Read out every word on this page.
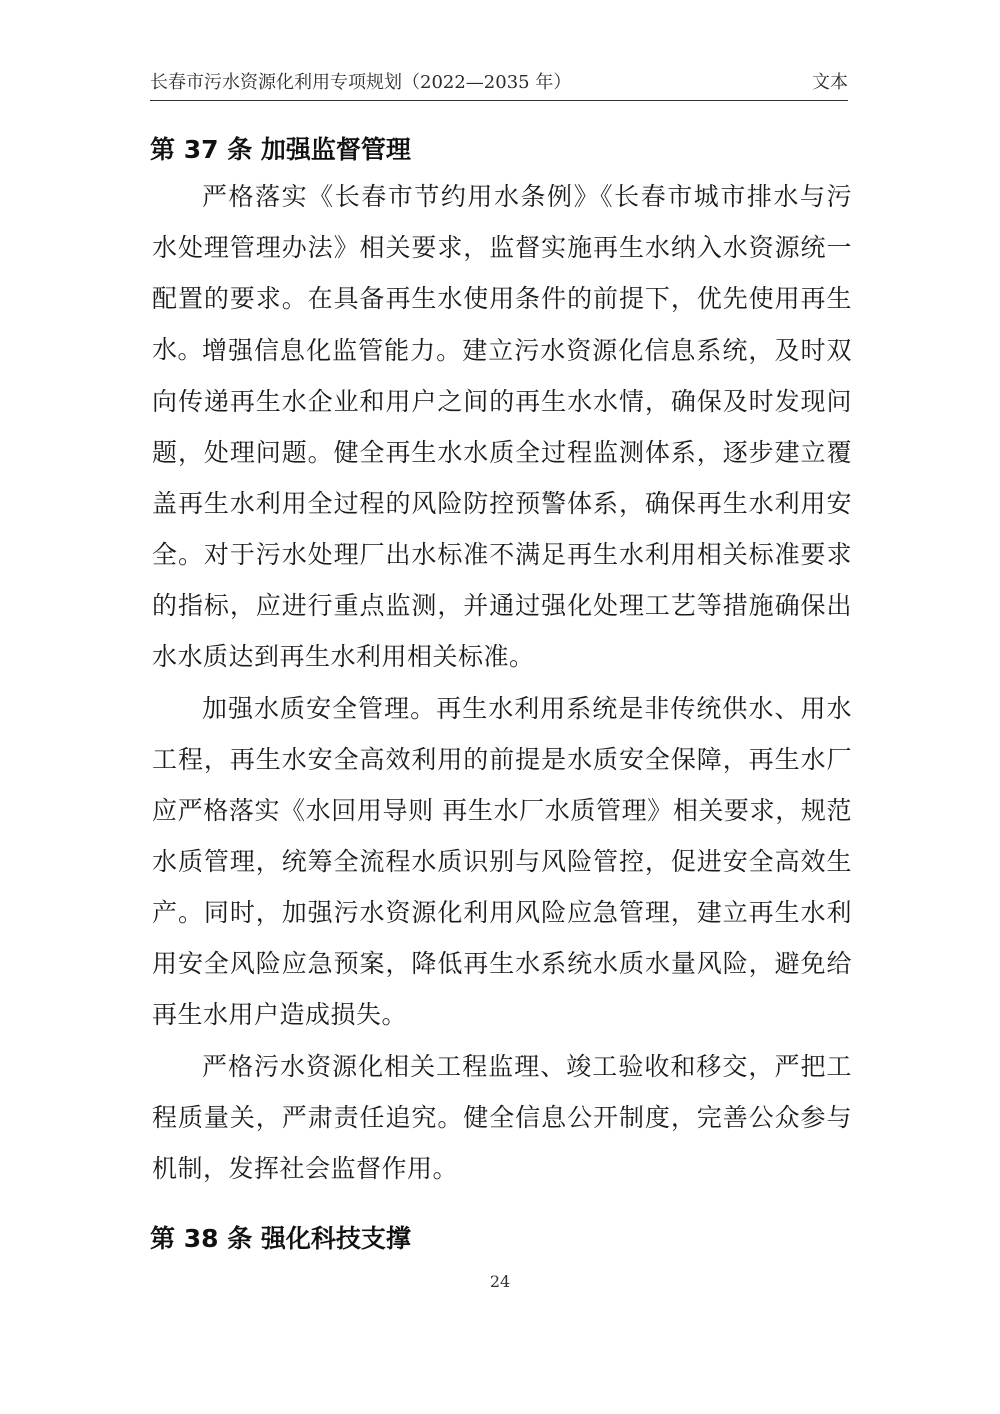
长春市污水资源化利用专项规划（2022—2035 年）	文本
第 37 条 加强监督管理

严格落实《长春市节约用水条例》《长春市城市排水与污水处理管理办法》相关要求，监督实施再生水纳入水资源统一配置的要求。在具备再生水使用条件的前提下，优先使用再生水。

增强信息化监管能力。建立污水资源化信息系统，及时双向传递再生水企业和用户之间的再生水水情，确保及时发现问题，处理问题。健全再生水水质全过程监测体系，逐步建立覆盖再生水利用全过程的风险防控预警体系，确保再生水利用安全。对于污水处理厂出水标准不满足再生水利用相关标准要求的指标，应进行重点监测，并通过强化处理工艺等措施确保出水水质达到再生水利用相关标准。

加强水质安全管理。再生水利用系统是非传统供水、用水工程，再生水安全高效利用的前提是水质安全保障，再生水厂应严格落实《水回用导则 再生水厂水质管理》相关要求，规范水质管理，统筹全流程水质识别与风险管控，促进安全高效生产。同时，加强污水资源化利用风险应急管理，建立再生水利用安全风险应急预案，降低再生水系统水质水量风险，避免给再生水用户造成损失。

严格污水资源化相关工程监理、竣工验收和移交，严把工程质量关，严肃责任追究。健全信息公开制度，完善公众参与机制，发挥社会监督作用。

第 38 条 强化科技支撑
24
